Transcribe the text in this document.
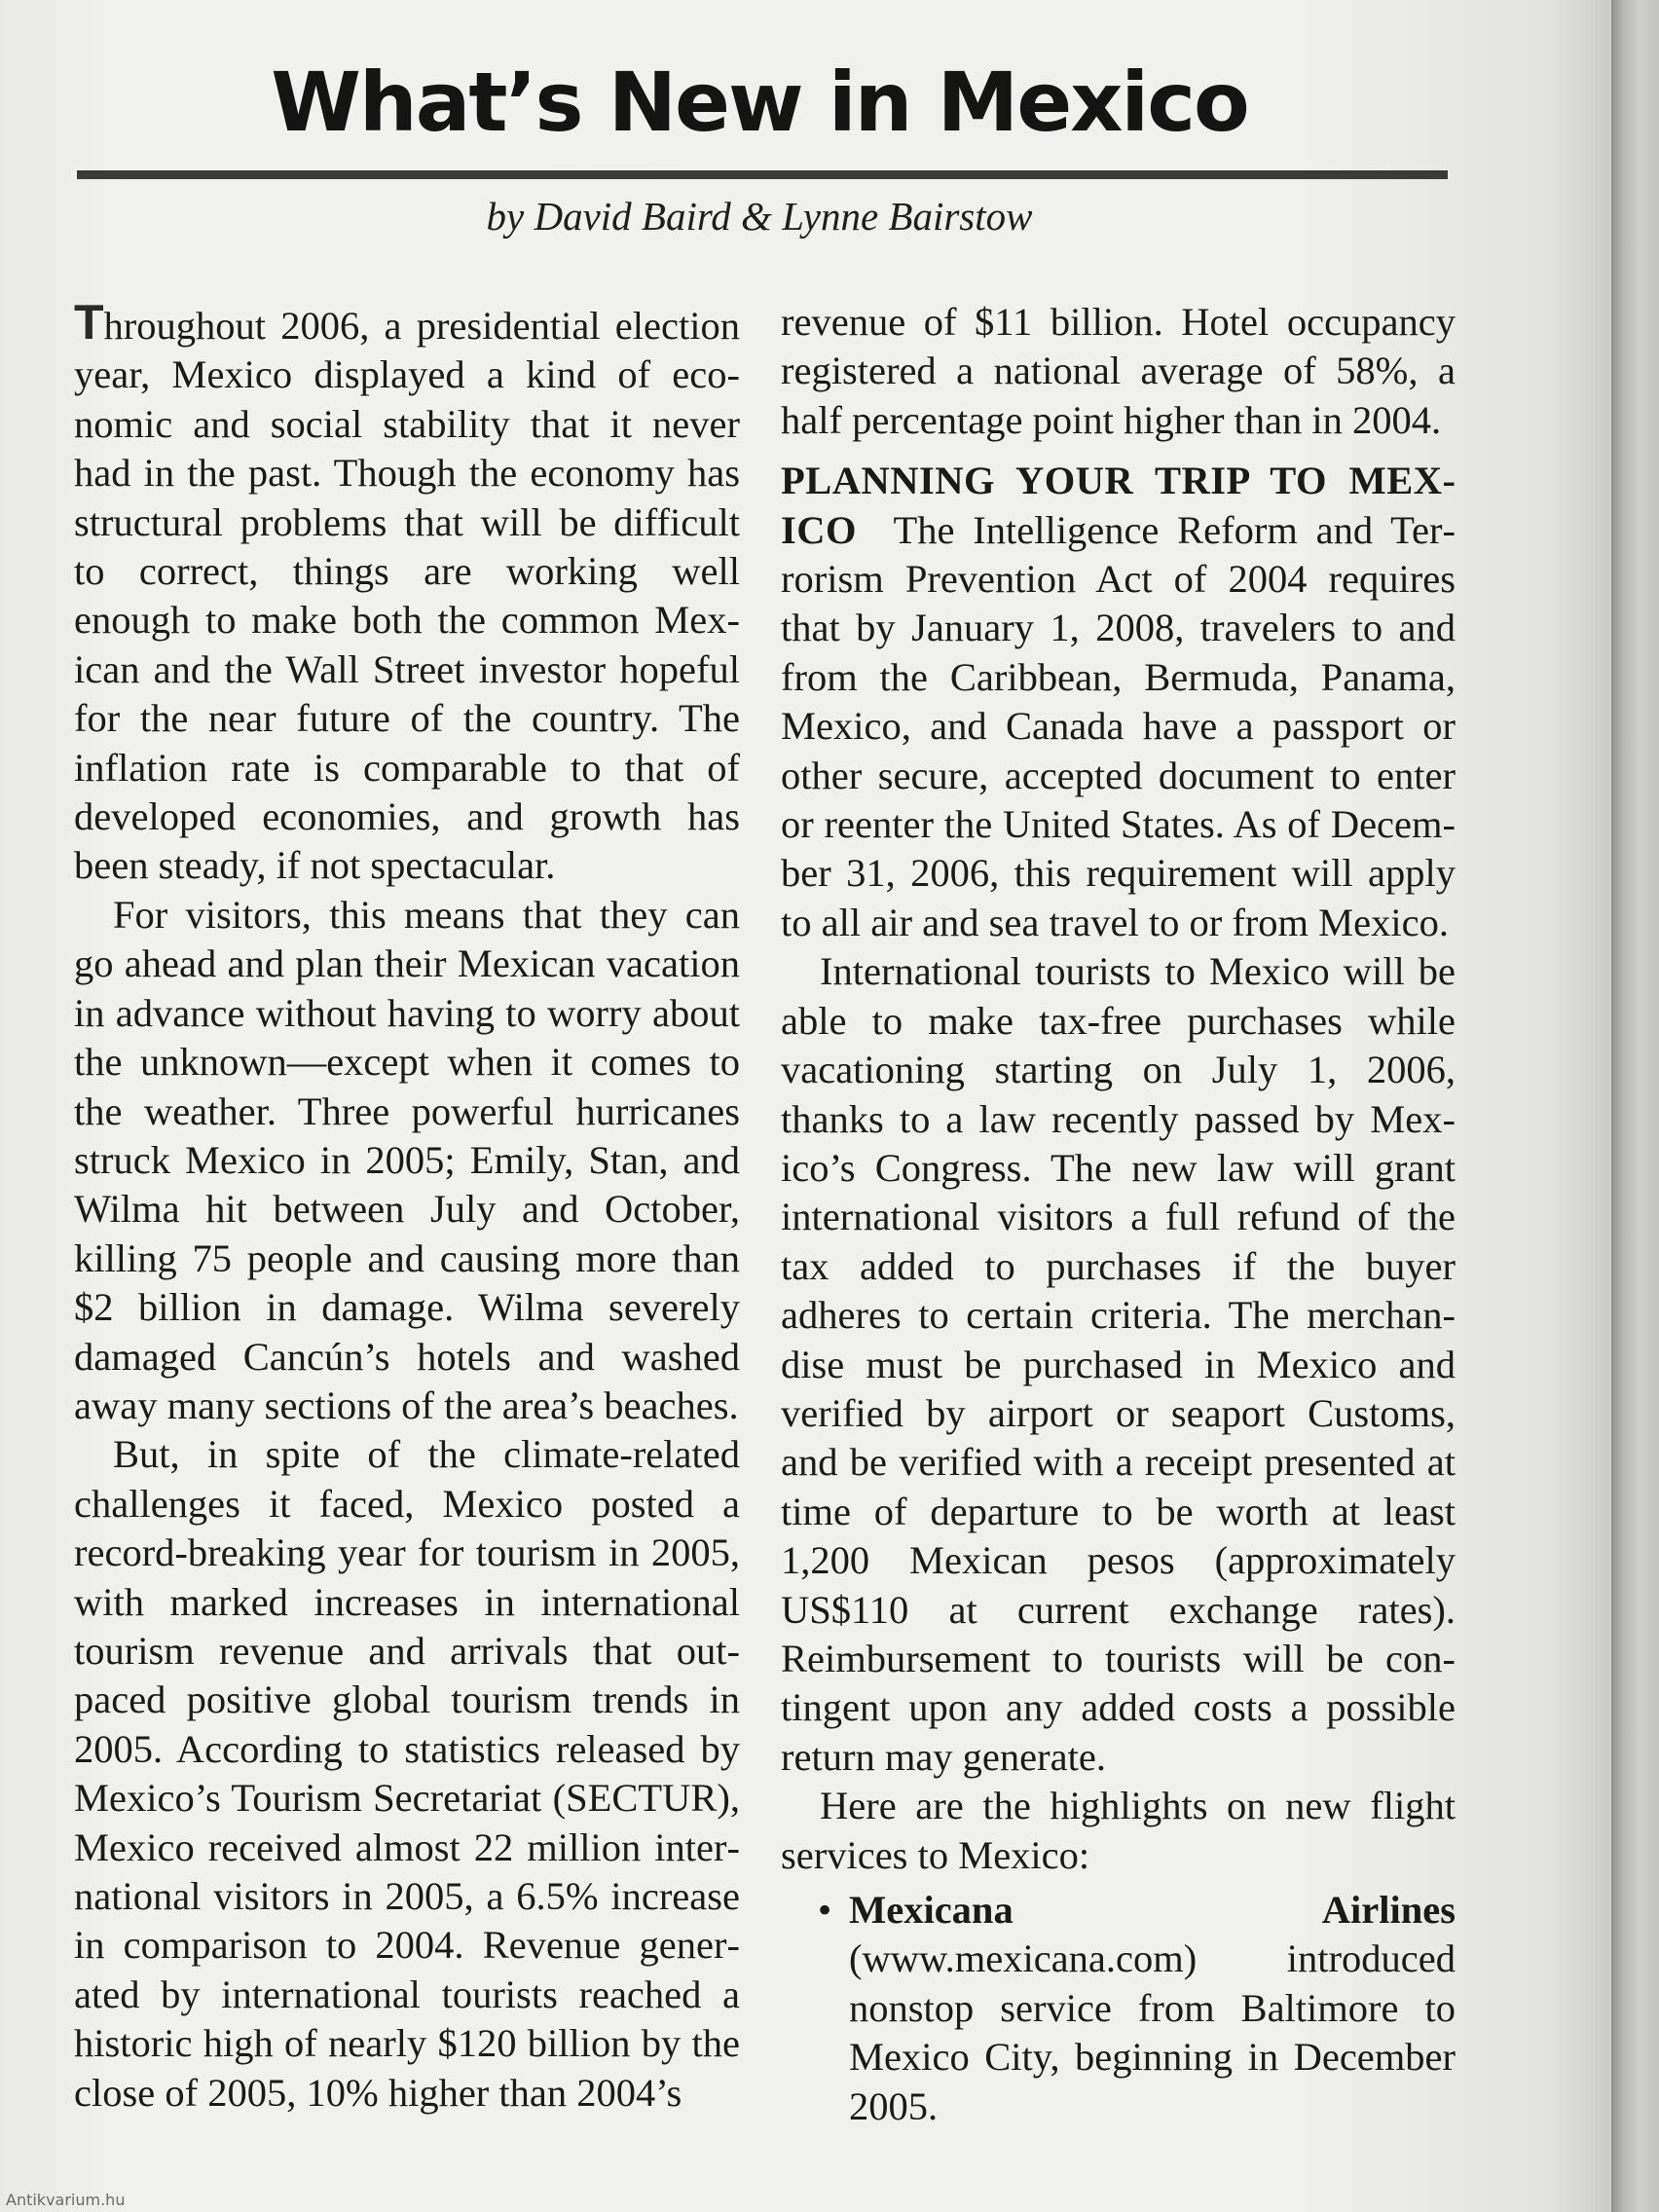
What’s New in Mexico
by David Baird & Lynne Bairstow

Throughout 2006, a presidential election year, Mexico displayed a kind of economic and social stability that it never had in the past. Though the economy has structural problems that will be difficult to correct, things are working well enough to make both the common Mexican and the Wall Street investor hopeful for the near future of the country. The inflation rate is comparable to that of developed economies, and growth has been steady, if not spectacular.

For visitors, this means that they can go ahead and plan their Mexican vacation in advance without having to worry about the unknown—except when it comes to the weather. Three powerful hurricanes struck Mexico in 2005; Emily, Stan, and Wilma hit between July and October, killing 75 people and causing more than $2 billion in damage. Wilma severely damaged Cancún’s hotels and washed away many sections of the area’s beaches.

But, in spite of the climate-related challenges it faced, Mexico posted a record-breaking year for tourism in 2005, with marked increases in international tourism revenue and arrivals that outpaced positive global tourism trends in 2005. According to statistics released by Mexico’s Tourism Secretariat (SECTUR), Mexico received almost 22 million international visitors in 2005, a 6.5% increase in comparison to 2004. Revenue generated by international tourists reached a historic high of nearly $120 billion by the close of 2005, 10% higher than 2004’s

revenue of $11 billion. Hotel occupancy registered a national average of 58%, a half percentage point higher than in 2004.

PLANNING YOUR TRIP TO MEXICO The Intelligence Reform and Terrorism Prevention Act of 2004 requires that by January 1, 2008, travelers to and from the Caribbean, Bermuda, Panama, Mexico, and Canada have a passport or other secure, accepted document to enter or reenter the United States. As of December 31, 2006, this requirement will apply to all air and sea travel to or from Mexico.

International tourists to Mexico will be able to make tax-free purchases while vacationing starting on July 1, 2006, thanks to a law recently passed by Mexico’s Congress. The new law will grant international visitors a full refund of the tax added to purchases if the buyer adheres to certain criteria. The merchandise must be purchased in Mexico and verified by airport or seaport Customs, and be verified with a receipt presented at time of departure to be worth at least 1,200 Mexican pesos (approximately US$110 at current exchange rates). Reimbursement to tourists will be contingent upon any added costs a possible return may generate.

Here are the highlights on new flight services to Mexico:

• Mexicana Airlines (www.mexicana.com) introduced nonstop service from Baltimore to Mexico City, beginning in December 2005.
Antikvarium.hu
